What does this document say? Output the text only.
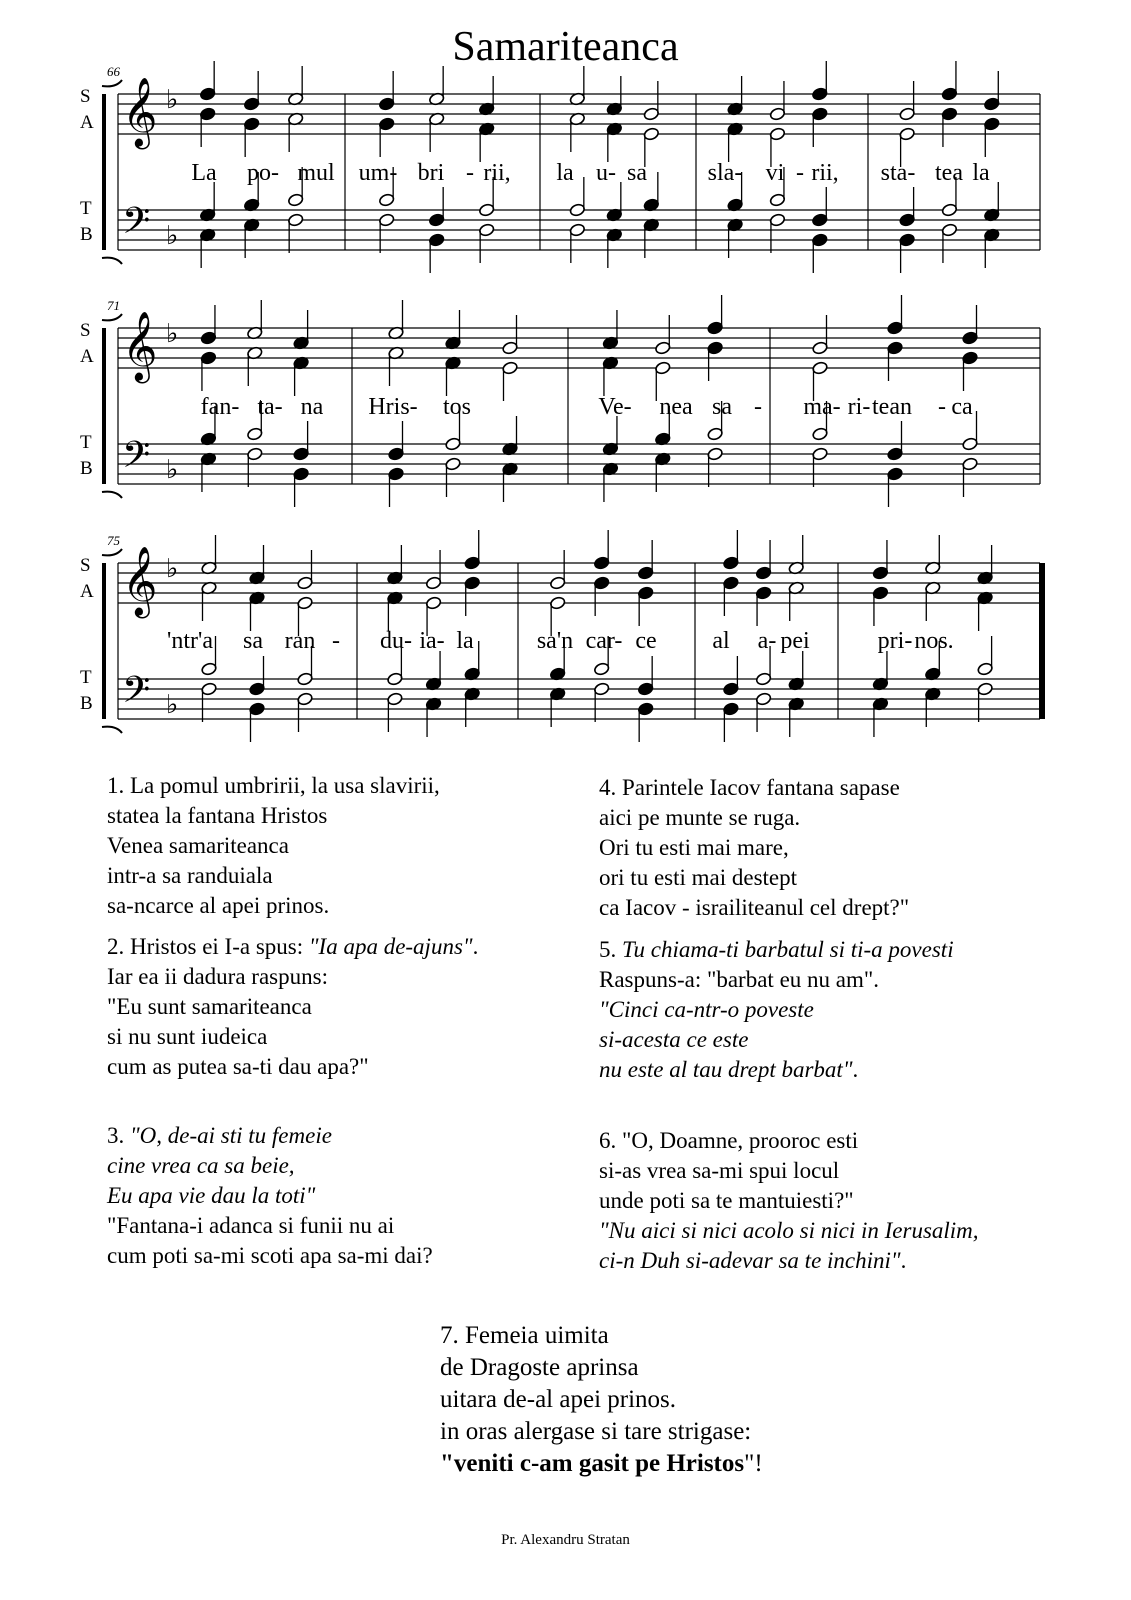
Samariteanca
𝄞 ♭
𝄢 ♭
S
A
T
B
66
La po- mul um- bri - rii, la u- sa	sla- vi - rii, sta- tea la
𝄞 ♭
𝄢 ♭
S
A
T
B
71
fan- ta- na Hris- tos	Ve- nea sa - ma- ri- tean - ca
𝄞 ♭
𝄢 ♭
S
A
T
B
75
'ntr'a sa ran - du- ia- la	sa'n car- ce al a- pei	pri- nos.
1. La pomul umbririi, la usa slavirii,
statea la fantana Hristos
Venea samariteanca
intr-a sa randuiala
sa-ncarce al apei prinos.
2. Hristos ei I-a spus: "Ia apa de-ajuns".
Iar ea ii dadura raspuns:
"Eu sunt samariteanca
si nu sunt iudeica
cum as putea sa-ti dau apa?"
3. "O, de-ai sti tu femeie
cine vrea ca sa beie,
Eu apa vie dau la toti"
"Fantana-i adanca si funii nu ai
cum poti sa-mi scoti apa sa-mi dai?
4. Parintele Iacov fantana sapase
aici pe munte se ruga.
Ori tu esti mai mare,
ori tu esti mai destept
ca Iacov - israiliteanul cel drept?"
5. Tu chiama-ti barbatul si ti-a povesti
Raspuns-a: "barbat eu nu am".
"Cinci ca-ntr-o poveste
si-acesta ce este
nu este al tau drept barbat".
6. "O, Doamne, prooroc esti
si-as vrea sa-mi spui locul
unde poti sa te mantuiesti?"
"Nu aici si nici acolo si nici in Ierusalim,
ci-n Duh si-adevar sa te inchini".
7. Femeia uimita
de Dragoste aprinsa
uitara de-al apei prinos.
in oras alergase si tare strigase:
"veniti c-am gasit pe Hristos"!
Pr. Alexandru Stratan
